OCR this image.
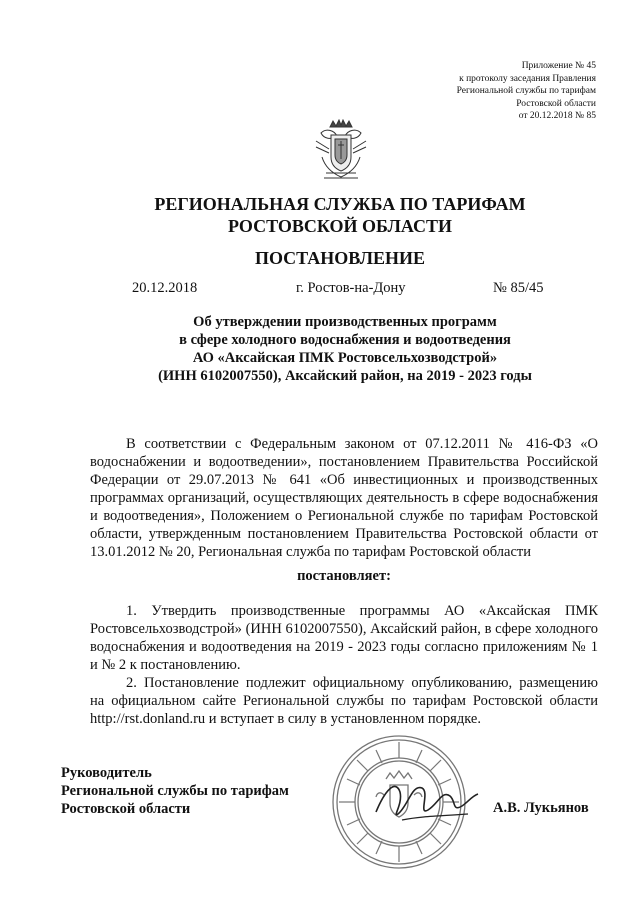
Приложение № 45
к протоколу заседания Правления
Региональной службы по тарифам
Ростовской области
от 20.12.2018 № 85
РЕГИОНАЛЬНАЯ СЛУЖБА ПО ТАРИФАМ
РОСТОВСКОЙ ОБЛАСТИ
ПОСТАНОВЛЕНИЕ
20.12.2018	г. Ростов-на-Дону	№ 85/45
Об утверждении производственных программ
в сфере холодного водоснабжения и водоотведения
АО «Аксайская ПМК Ростовсельхозводстрой»
(ИНН 6102007550), Аксайский район, на 2019 - 2023 годы
В соответствии с Федеральным законом от 07.12.2011 № 416-ФЗ «О водоснабжении и водоотведении», постановлением Правительства Российской Федерации от 29.07.2013 № 641 «Об инвестиционных и производственных программах организаций, осуществляющих деятельность в сфере водоснабжения и водоотведения», Положением о Региональной службе по тарифам Ростовской области, утвержденным постановлением Правительства Ростовской области от 13.01.2012 № 20, Региональная служба по тарифам Ростовской области
постановляет:
1. Утвердить производственные программы АО «Аксайская ПМК Ростовсельхозводстрой» (ИНН 6102007550), Аксайский район, в сфере холодного водоснабжения и водоотведения на 2019 - 2023 годы согласно приложениям № 1 и № 2 к постановлению.
2. Постановление подлежит официальному опубликованию, размещению на официальном сайте Региональной службы по тарифам Ростовской области http://rst.donland.ru и вступает в силу в установленном порядке.
Руководитель
Региональной службы по тарифам
Ростовской области	А.В. Лукьянов
